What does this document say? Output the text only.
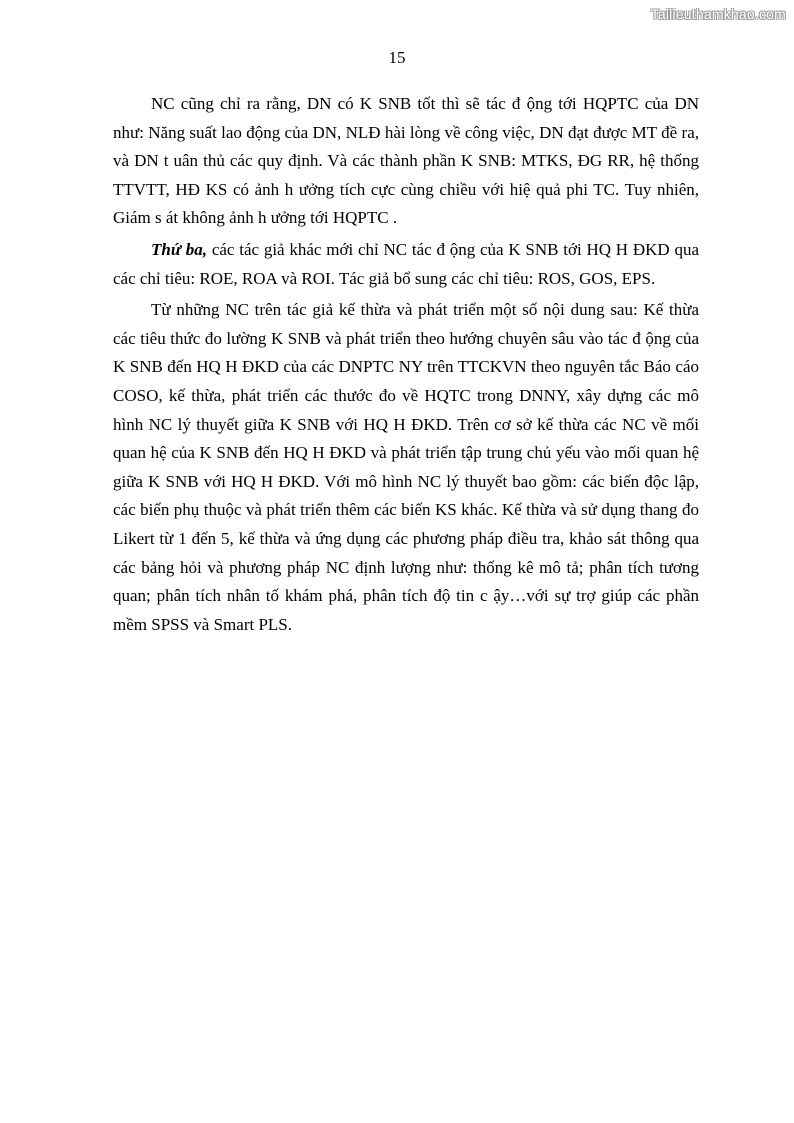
Tailieuthamkhao.com
15

NC cũng chỉ ra rằng, DN có K SNB tốt thì sẽ tác đ ộng tới HQPTC của DN như: Năng suất lao động của DN, NLĐ hài lòng về công việc, DN đạt được MT đề ra, và DN t uân thủ các quy định. Và các thành phần K SNB: MTKS, ĐG RR, hệ thống TTVTT, HĐ KS có ảnh h ưởng tích cực cùng chiều với hiệ quả phi TC. Tuy nhiên, Giám s át không ảnh h ưởng tới HQPTC .

Thứ ba, các tác giả khác mới chỉ NC tác đ ộng của K SNB tới HQ H ĐKD qua các chỉ tiêu: ROE, ROA và ROI. Tác giả bổ sung các chỉ tiêu: ROS, GOS, EPS.

Từ những NC trên tác giả kế thừa và phát triển một số nội dung sau: Kế thừa các tiêu thức đo lường K SNB và phát triển theo hướng chuyên sâu vào tác đ ộng của K SNB đến HQ H ĐKD của các DNPTC NY trên TTCKVN theo nguyên tắc Báo cáo COSO, kế thừa, phát triển các thước đo về HQTC trong DNNY, xây dựng các mô hình NC lý thuyết giữa K SNB với HQ H ĐKD. Trên cơ sở kế thừa các NC về mối quan hệ của K SNB đến HQ H ĐKD và phát triển tập trung chủ yếu vào mối quan hệ giữa K SNB với HQ H ĐKD. Với mô hình NC lý thuyết bao gồm: các biến độc lập, các biến phụ thuộc và phát triển thêm các biến KS khác. Kế thừa và sử dụng thang đo Likert từ 1 đến 5, kế thừa và ứng dụng các phương pháp điều tra, khảo sát thông qua các bảng hỏi và phương pháp NC định lượng như: thống kê mô tả; phân tích tương quan; phân tích nhân tố khám phá, phân tích độ tin c ậy…với sự trợ giúp các phần mềm SPSS và Smart PLS.
